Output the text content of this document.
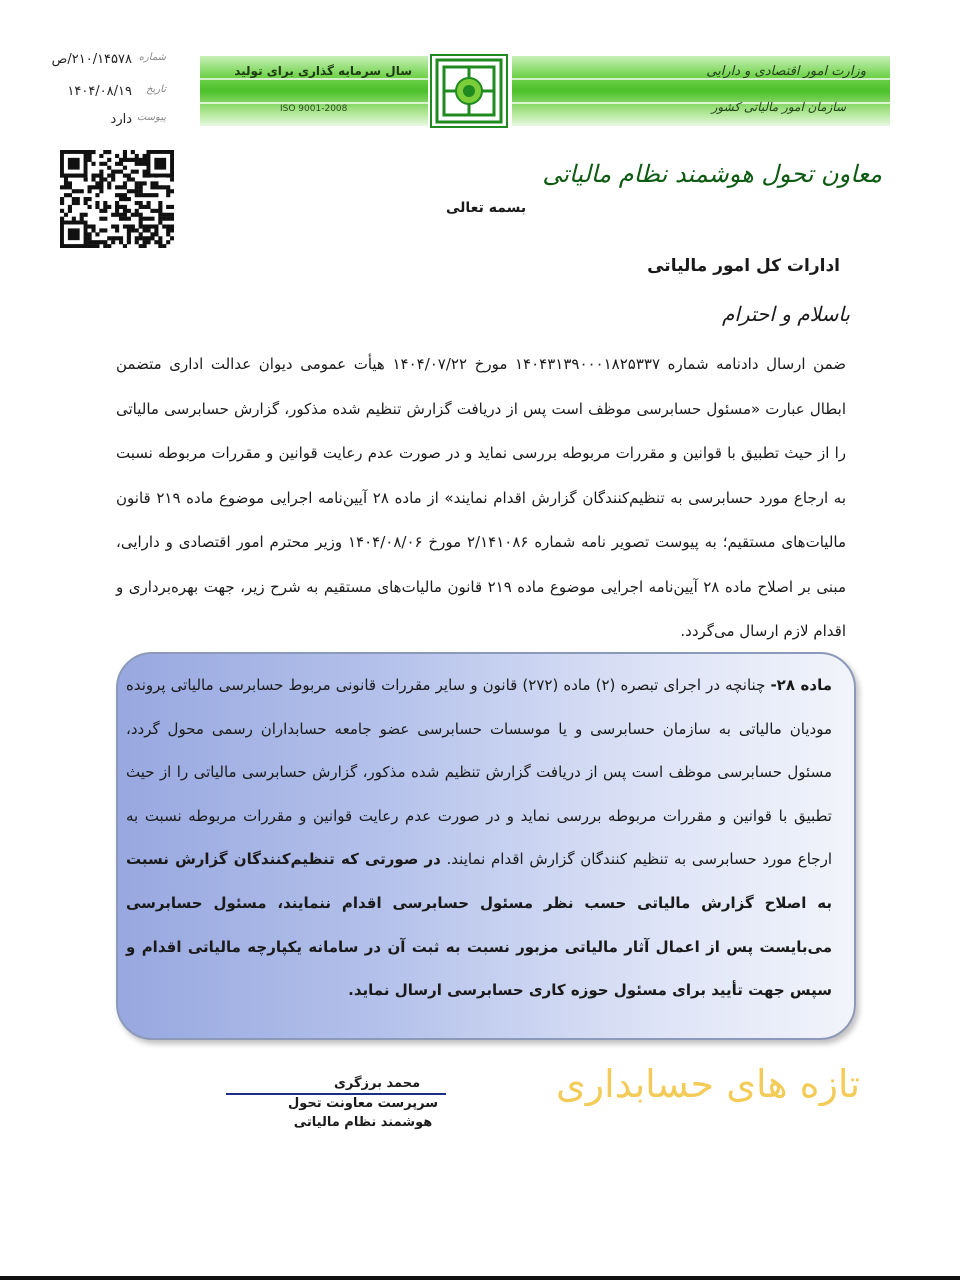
سال سرمایه گذاری برای تولید
ISO 9001-2008
وزارت امور اقتصادی و دارایی
سازمان امور مالیاتی کشور
شماره
۲۱۰/۱۴۵۷۸/ص
تاریخ
۱۴۰۴/۰۸/۱۹
پیوست
دارد
معاون تحول هوشمند نظام مالیاتی
بسمه تعالی
ادارات کل امور مالیاتی
باسلام و احترام
ضمن ارسال دادنامه شماره ۱۴۰۴۳۱۳۹۰۰۰۱۸۲۵۳۳۷ مورخ ۱۴۰۴/۰۷/۲۲ هیأت عمومی دیوان عدالت اداری متضمن ابطال عبارت «مسئول حسابرسی موظف است پس از دریافت گزارش تنظیم شده مذکور، گزارش حسابرسی مالیاتی را از حیث تطبیق با قوانین و مقررات مربوطه بررسی نماید و در صورت عدم رعایت قوانین و مقررات مربوطه نسبت به ارجاع مورد حسابرسی به تنظیم‌کنندگان گزارش اقدام نمایند» از ماده ۲۸ آیین‌نامه اجرایی موضوع ماده ۲۱۹ قانون مالیات‌های مستقیم؛ به پیوست تصویر نامه شماره ۲/۱۴۱۰۸۶ مورخ ۱۴۰۴/۰۸/۰۶ وزیر محترم امور اقتصادی و دارایی، مبنی بر اصلاح ماده ۲۸ آیین‌نامه اجرایی موضوع ماده ۲۱۹ قانون مالیات‌های مستقیم به شرح زیر، جهت بهره‌برداری و اقدام لازم ارسال می‌گردد.
ماده ۲۸- چنانچه در اجرای تبصره (۲) ماده (۲۷۲) قانون و سایر مقررات قانونی مربوط حسابرسی مالیاتی پرونده مودیان مالیاتی به سازمان حسابرسی و یا موسسات حسابرسی عضو جامعه حسابداران رسمی محول گردد، مسئول حسابرسی موظف است پس از دریافت گزارش تنظیم شده مذکور، گزارش حسابرسی مالیاتی را از حیث تطبیق با قوانین و مقررات مربوطه بررسی نماید و در صورت عدم رعایت قوانین و مقررات مربوطه نسبت به ارجاع مورد حسابرسی به تنظیم کنندگان گزارش اقدام نمایند. در صورتی که تنظیم‌کنندگان گزارش نسبت به اصلاح گزارش مالیاتی حسب نظر مسئول حسابرسی اقدام ننمایند، مسئول حسابرسی می‌بایست پس از اعمال آثار مالیاتی مزبور نسبت به ثبت آن در سامانه یکپارچه مالیاتی اقدام و سپس جهت تأیید برای مسئول حوزه کاری حسابرسی ارسال نماید.
محمد برزگری
سرپرست معاونت تحول هوشمند نظام مالیاتی
تازه های حسابداری
